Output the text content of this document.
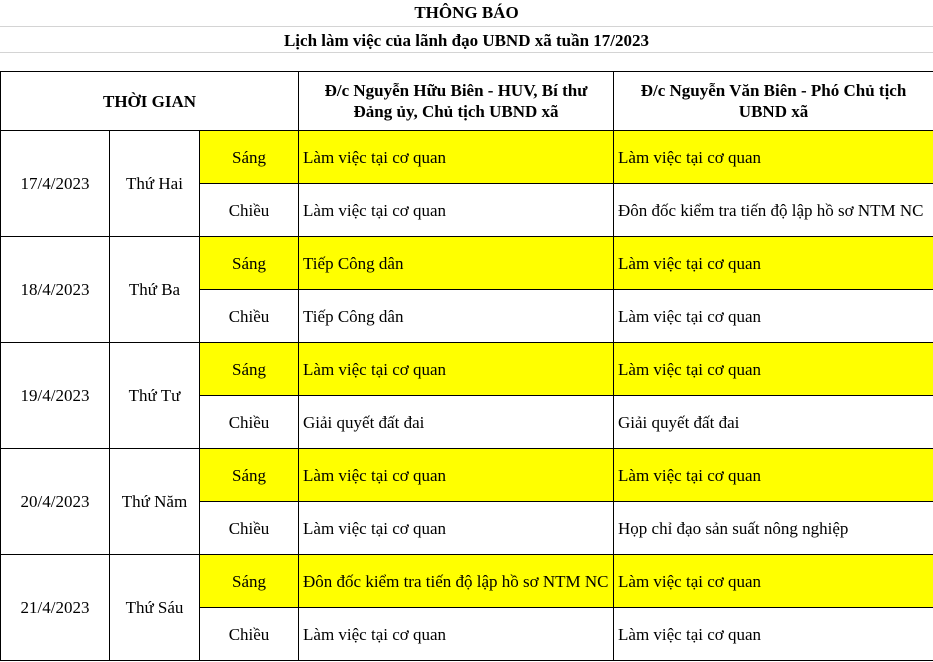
THÔNG BÁO
Lịch làm việc của lãnh đạo UBND xã tuần 17/2023
THỜI GIAN			Đ/c Nguyễn Hữu Biên - HUV, Bí thư Đảng ủy, Chủ tịch UBND xã	Đ/c Nguyễn Văn Biên - Phó Chủ tịch UBND xã
17/4/2023	Thứ Hai	Sáng	Làm việc tại cơ quan	Làm việc tại cơ quan
		Chiều	Làm việc tại cơ quan	Đôn đốc kiểm tra tiến độ lập hồ sơ NTM NC
18/4/2023	Thứ Ba	Sáng	Tiếp Công dân	Làm việc tại cơ quan
		Chiều	Tiếp Công dân	Làm việc tại cơ quan
19/4/2023	Thứ Tư	Sáng	Làm việc tại cơ quan	Làm việc tại cơ quan
		Chiều	Giải quyết đất đai	Giải quyết đất đai
20/4/2023	Thứ Năm	Sáng	Làm việc tại cơ quan	Làm việc tại cơ quan
		Chiều	Làm việc tại cơ quan	Họp chỉ đạo sản suất nông nghiệp
21/4/2023	Thứ Sáu	Sáng	Đôn đốc kiểm tra tiến độ lập hồ sơ NTM NC	Làm việc tại cơ quan
		Chiều	Làm việc tại cơ quan	Làm việc tại cơ quan
